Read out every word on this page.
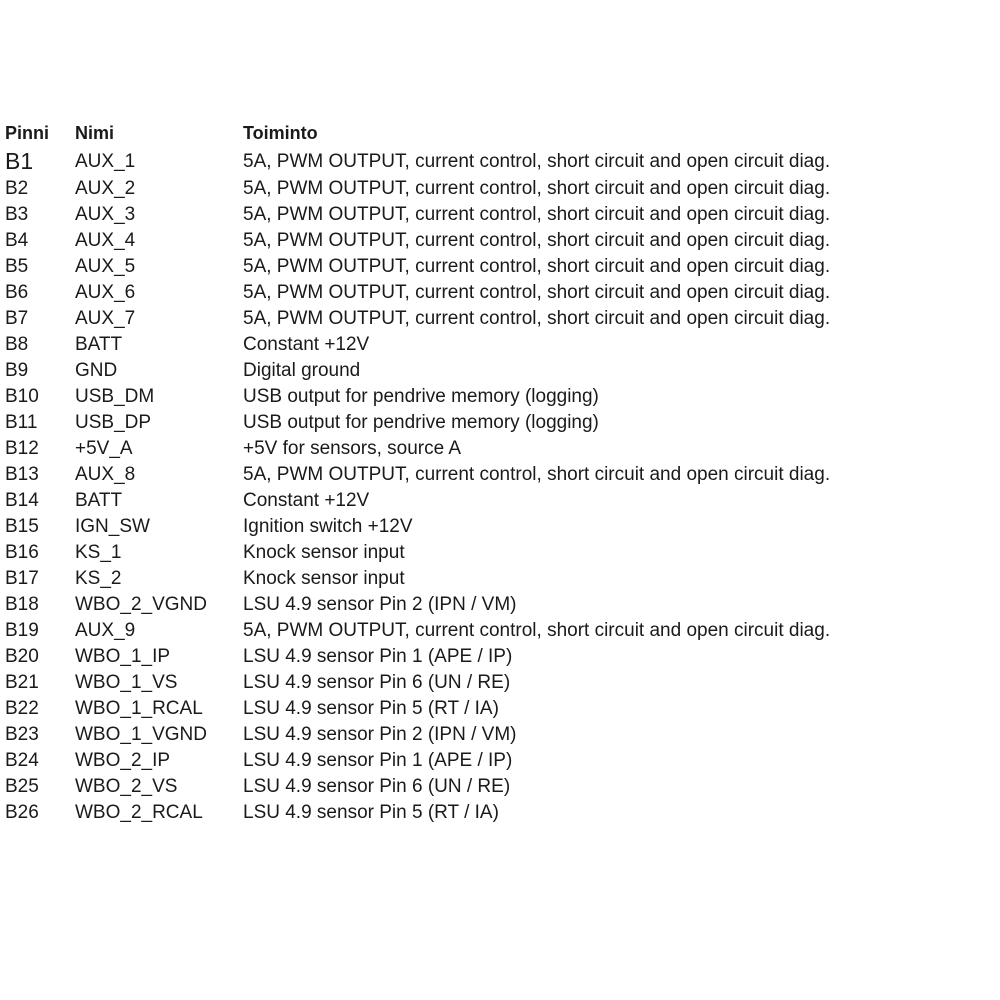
Pinni	Nimi	Toiminto
B1	AUX_1	5A, PWM OUTPUT, current control, short circuit and open circuit diag.
B2	AUX_2	5A, PWM OUTPUT, current control, short circuit and open circuit diag.
B3	AUX_3	5A, PWM OUTPUT, current control, short circuit and open circuit diag.
B4	AUX_4	5A, PWM OUTPUT, current control, short circuit and open circuit diag.
B5	AUX_5	5A, PWM OUTPUT, current control, short circuit and open circuit diag.
B6	AUX_6	5A, PWM OUTPUT, current control, short circuit and open circuit diag.
B7	AUX_7	5A, PWM OUTPUT, current control, short circuit and open circuit diag.
B8	BATT	Constant +12V
B9	GND	Digital ground
B10	USB_DM	USB output for pendrive memory (logging)
B11	USB_DP	USB output for pendrive memory (logging)
B12	+5V_A	+5V for sensors, source A
B13	AUX_8	5A, PWM OUTPUT, current control, short circuit and open circuit diag.
B14	BATT	Constant +12V
B15	IGN_SW	Ignition switch +12V
B16	KS_1	Knock sensor input
B17	KS_2	Knock sensor input
B18	WBO_2_VGND	LSU 4.9 sensor Pin 2 (IPN / VM)
B19	AUX_9	5A, PWM OUTPUT, current control, short circuit and open circuit diag.
B20	WBO_1_IP	LSU 4.9 sensor Pin 1 (APE / IP)
B21	WBO_1_VS	LSU 4.9 sensor Pin 6 (UN / RE)
B22	WBO_1_RCAL	LSU 4.9 sensor Pin 5 (RT / IA)
B23	WBO_1_VGND	LSU 4.9 sensor Pin 2 (IPN / VM)
B24	WBO_2_IP	LSU 4.9 sensor Pin 1 (APE / IP)
B25	WBO_2_VS	LSU 4.9 sensor Pin 6 (UN / RE)
B26	WBO_2_RCAL	LSU 4.9 sensor Pin 5 (RT / IA)
